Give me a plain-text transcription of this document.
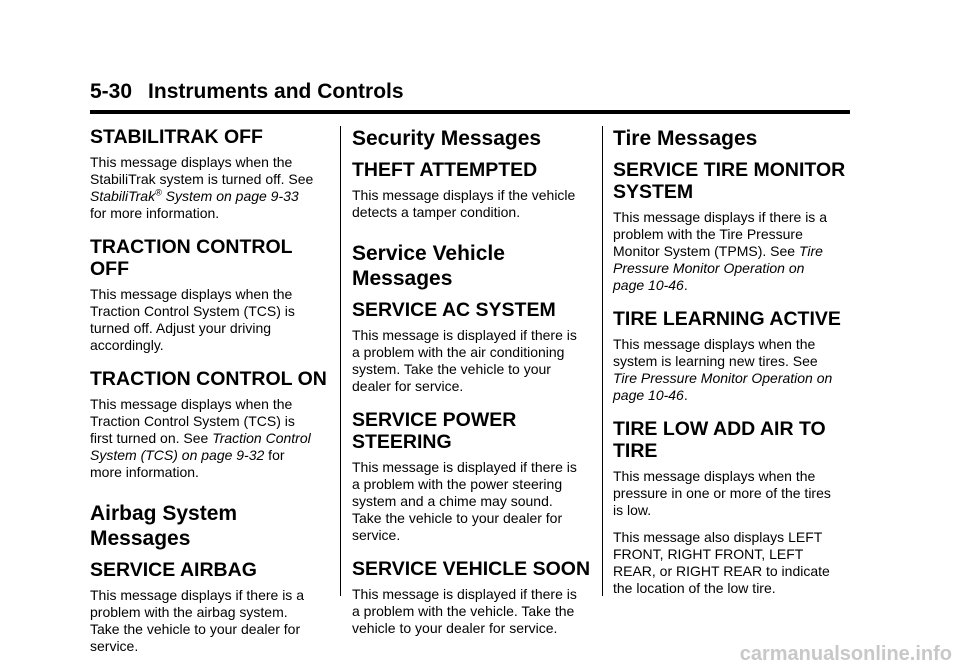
5-30 Instruments and Controls
STABILITRAK OFF
This message displays when the
StabiliTrak system is turned off. See
StabiliTrak® System on page 9-33
for more information.
TRACTION CONTROL OFF
This message displays when the
Traction Control System (TCS) is
turned off. Adjust your driving
accordingly.
TRACTION CONTROL ON
This message displays when the
Traction Control System (TCS) is
first turned on. See Traction Control
System (TCS) on page 9-32 for
more information.
Airbag System Messages
SERVICE AIRBAG
This message displays if there is a
problem with the airbag system.
Take the vehicle to your dealer for
service.
Security Messages
THEFT ATTEMPTED
This message displays if the vehicle
detects a tamper condition.
Service Vehicle Messages
SERVICE AC SYSTEM
This message is displayed if there is
a problem with the air conditioning
system. Take the vehicle to your
dealer for service.
SERVICE POWER STEERING
This message is displayed if there is
a problem with the power steering
system and a chime may sound.
Take the vehicle to your dealer for
service.
SERVICE VEHICLE SOON
This message is displayed if there is
a problem with the vehicle. Take the
vehicle to your dealer for service.
Tire Messages
SERVICE TIRE MONITOR
SYSTEM
This message displays if there is a
problem with the Tire Pressure
Monitor System (TPMS). See Tire
Pressure Monitor Operation on
page 10-46.
TIRE LEARNING ACTIVE
This message displays when the
system is learning new tires. See
Tire Pressure Monitor Operation on
page 10-46.
TIRE LOW ADD AIR TO TIRE
This message displays when the
pressure in one or more of the tires
is low.
This message also displays LEFT
FRONT, RIGHT FRONT, LEFT
REAR, or RIGHT REAR to indicate
the location of the low tire.
carmanualsonline.info
